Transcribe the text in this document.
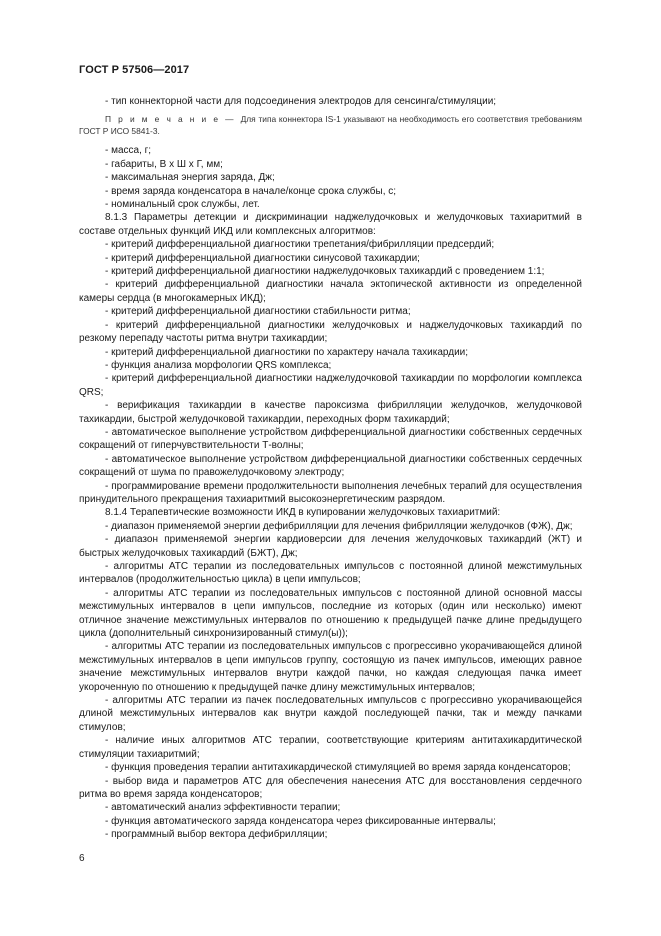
ГОСТ Р 57506—2017

- тип коннекторной части для подсоединения электродов для сенсинга/стимуляции;

П р и м е ч а н и е — Для типа коннектора IS-1 указывают на необходимость его соответствия требованиям ГОСТ Р ИСО 5841-3.

- масса, г;

- габариты, В х Ш х Г, мм;

- максимальная энергия заряда, Дж;

- время заряда конденсатора в начале/конце срока службы, с;

- номинальный срок службы, лет.

8.1.3 Параметры детекции и дискриминации наджелудочковых и желудочковых тахиаритмий в составе отдельных функций ИКД или комплексных алгоритмов:

- критерий дифференциальной диагностики трепетания/фибрилляции предсердий;

- критерий дифференциальной диагностики синусовой тахикардии;

- критерий дифференциальной диагностики наджелудочковых тахикардий с проведением 1:1;

- критерий дифференциальной диагностики начала эктопической активности из определенной камеры сердца (в многокамерных ИКД);

- критерий дифференциальной диагностики стабильности ритма;

- критерий дифференциальной диагностики желудочковых и наджелудочковых тахикардий по резкому перепаду частоты ритма внутри тахикардии;

- критерий дифференциальной диагностики по характеру начала тахикардии;

- функция анализа морфологии QRS комплекса;

- критерий дифференциальной диагностики наджелудочковой тахикардии по морфологии комплекса QRS;

- верификация тахикардии в качестве пароксизма фибрилляции желудочков, желудочковой тахикардии, быстрой желудочковой тахикардии, переходных форм тахикардий;

- автоматическое выполнение устройством дифференциальной диагностики собственных сердечных сокращений от гиперчувствительности Т-волны;

- автоматическое выполнение устройством дифференциальной диагностики собственных сердечных сокращений от шума по правожелудочковому электроду;

- программирование времени продолжительности выполнения лечебных терапий для осуществления принудительного прекращения тахиаритмий высокоэнергетическим разрядом.

8.1.4 Терапевтические возможности ИКД в купировании желудочковых тахиаритмий:

- диапазон применяемой энергии дефибрилляции для лечения фибрилляции желудочков (ФЖ), Дж;

- диапазон применяемой энергии кардиоверсии для лечения желудочковых тахикардий (ЖТ) и быстрых желудочковых тахикардий (БЖТ), Дж;

- алгоритмы АТС терапии из последовательных импульсов с постоянной длиной межстимульных интервалов (продолжительностью цикла) в цепи импульсов;

- алгоритмы АТС терапии из последовательных импульсов с постоянной длиной основной массы межстимульных интервалов в цепи импульсов, последние из которых (один или несколько) имеют отличное значение межстимульных интервалов по отношению к предыдущей пачке длине предыдущего цикла (дополнительный синхронизированный стимул(ы));

- алгоритмы АТС терапии из последовательных импульсов с прогрессивно укорачивающейся длиной межстимульных интервалов в цепи импульсов группу, состоящую из пачек импульсов, имеющих равное значение межстимульных интервалов внутри каждой пачки, но каждая следующая пачка имеет укороченную по отношению к предыдущей пачке длину межстимульных интервалов;

- алгоритмы АТС терапии из пачек последовательных импульсов с прогрессивно укорачивающейся длиной межстимульных интервалов как внутри каждой последующей пачки, так и между пачками стимулов;

- наличие иных алгоритмов АТС терапии, соответствующие критериям антитахикардитической стимуляции тахиаритмий;

- функция проведения терапии антитахикардической стимуляцией во время заряда конденсаторов;

- выбор вида и параметров АТС для обеспечения нанесения АТС для восстановления сердечного ритма во время заряда конденсаторов;

- автоматический анализ эффективности терапии;

- функция автоматического заряда конденсатора через фиксированные интервалы;

- программный выбор вектора дефибрилляции;

6
